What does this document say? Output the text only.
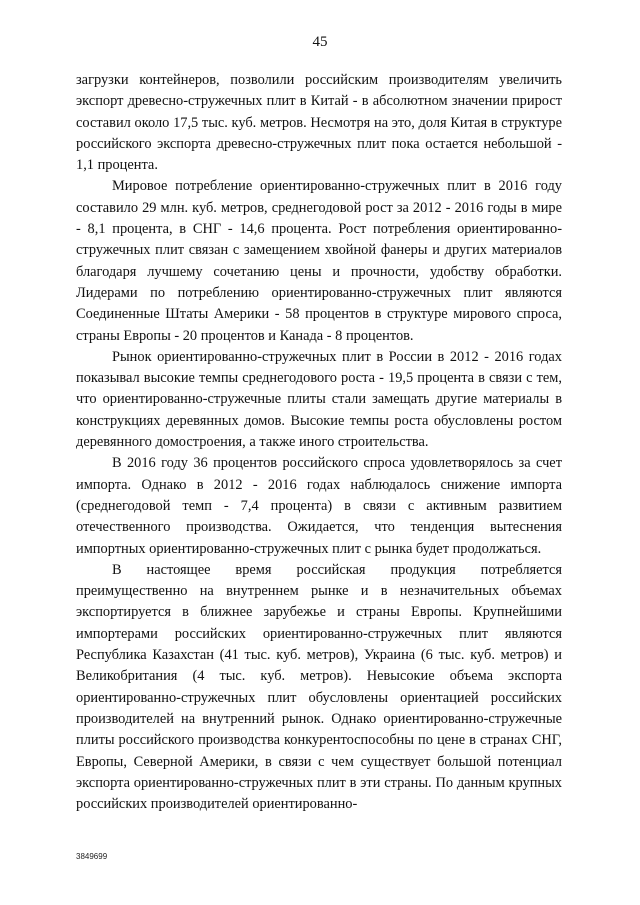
45

загрузки контейнеров, позволили российским производителям увеличить экспорт древесно-стружечных плит в Китай - в абсолютном значении прирост составил около 17,5 тыс. куб. метров. Несмотря на это, доля Китая в структуре российского экспорта древесно-стружечных плит пока остается небольшой - 1,1 процента.

Мировое потребление ориентированно-стружечных плит в 2016 году составило 29 млн. куб. метров, среднегодовой рост за 2012 - 2016 годы в мире - 8,1 процента, в СНГ - 14,6 процента. Рост потребления ориентированно-стружечных плит связан с замещением хвойной фанеры и других материалов благодаря лучшему сочетанию цены и прочности, удобству обработки. Лидерами по потреблению ориентированно-стружечных плит являются Соединенные Штаты Америки - 58 процентов в структуре мирового спроса, страны Европы - 20 процентов и Канада - 8 процентов.

Рынок ориентированно-стружечных плит в России в 2012 - 2016 годах показывал высокие темпы среднегодового роста - 19,5 процента в связи с тем, что ориентированно-стружечные плиты стали замещать другие материалы в конструкциях деревянных домов. Высокие темпы роста обусловлены ростом деревянного домостроения, а также иного строительства.

В 2016 году 36 процентов российского спроса удовлетворялось за счет импорта. Однако в 2012 - 2016 годах наблюдалось снижение импорта (среднегодовой темп - 7,4 процента) в связи с активным развитием отечественного производства. Ожидается, что тенденция вытеснения импортных ориентированно-стружечных плит с рынка будет продолжаться.

В настоящее время российская продукция потребляется преимущественно на внутреннем рынке и в незначительных объемах экспортируется в ближнее зарубежье и страны Европы. Крупнейшими импортерами российских ориентированно-стружечных плит являются Республика Казахстан (41 тыс. куб. метров), Украина (6 тыс. куб. метров) и Великобритания (4 тыс. куб. метров). Невысокие объема экспорта ориентированно-стружечных плит обусловлены ориентацией российских производителей на внутренний рынок. Однако ориентированно-стружечные плиты российского производства конкурентоспособны по цене в странах СНГ, Европы, Северной Америки, в связи с чем существует большой потенциал экспорта ориентированно-стружечных плит в эти страны. По данным крупных российских производителей ориентированно-

3849699
